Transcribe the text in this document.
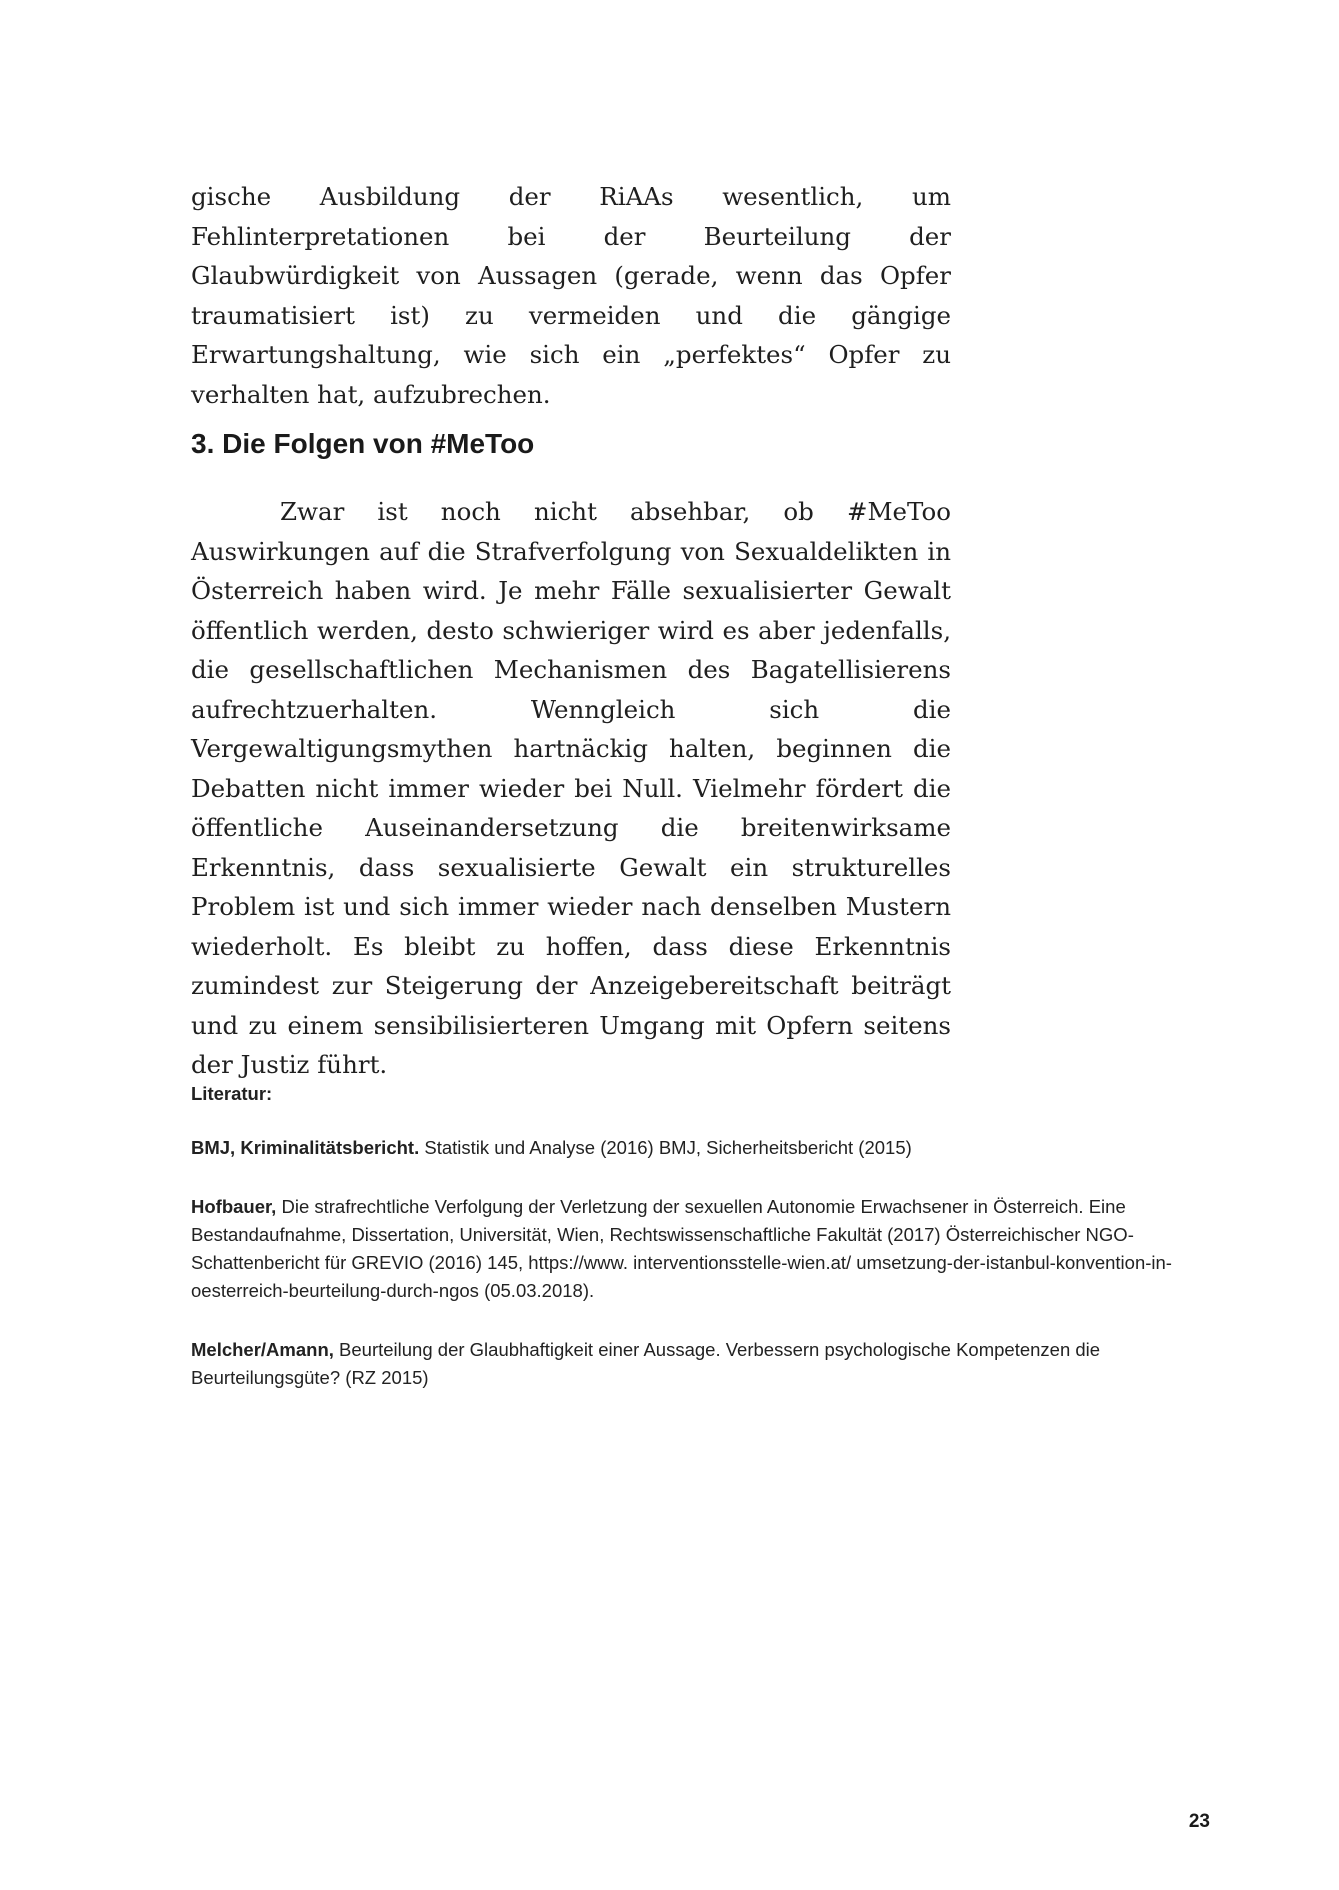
gische Ausbildung der RiAAs wesentlich, um Fehlinterpretationen bei der Beurteilung der Glaubwürdigkeit von Aussagen (gerade, wenn das Opfer traumatisiert ist) zu vermeiden und die gängige Erwartungshaltung, wie sich ein „perfektes“ Opfer zu verhalten hat, aufzubrechen.

3. Die Folgen von #MeToo

Zwar ist noch nicht absehbar, ob #MeToo Auswirkungen auf die Strafverfolgung von Sexualdelikten in Österreich haben wird. Je mehr Fälle sexualisierter Gewalt öffentlich werden, desto schwieriger wird es aber jedenfalls, die gesellschaftlichen Mechanismen des Bagatellisierens aufrechtzuerhalten. Wenngleich sich die Vergewaltigungsmythen hartnäckig halten, beginnen die Debatten nicht immer wieder bei Null. Vielmehr fördert die öffentliche Auseinandersetzung die breitenwirksame Erkenntnis, dass sexualisierte Gewalt ein strukturelles Problem ist und sich immer wieder nach denselben Mustern wiederholt. Es bleibt zu hoffen, dass diese Erkenntnis zumindest zur Steigerung der Anzeigebereitschaft beiträgt und zu einem sensibilisierteren Umgang mit Opfern seitens der Justiz führt.

Literatur:
BMJ, Kriminalitätsbericht. Statistik und Analyse (2016) BMJ, Sicherheitsbericht (2015)
Hofbauer, Die strafrechtliche Verfolgung der Verletzung der sexuellen Autonomie Erwachsener in Österreich. Eine Bestandaufnahme, Dissertation, Universität, Wien, Rechtswissenschaftliche Fakultät (2017) Österreichischer NGO-Schattenbericht für GREVIO (2016) 145, https://www. interventionsstelle-wien.at/ umsetzung-der-istanbul-konvention-in-oesterreich-beurteilung-durch-ngos (05.03.2018).
Melcher/Amann, Beurteilung der Glaubhaftigkeit einer Aussage. Verbessern psychologische Kompetenzen die Beurteilungsgüte? (RZ 2015)
23
